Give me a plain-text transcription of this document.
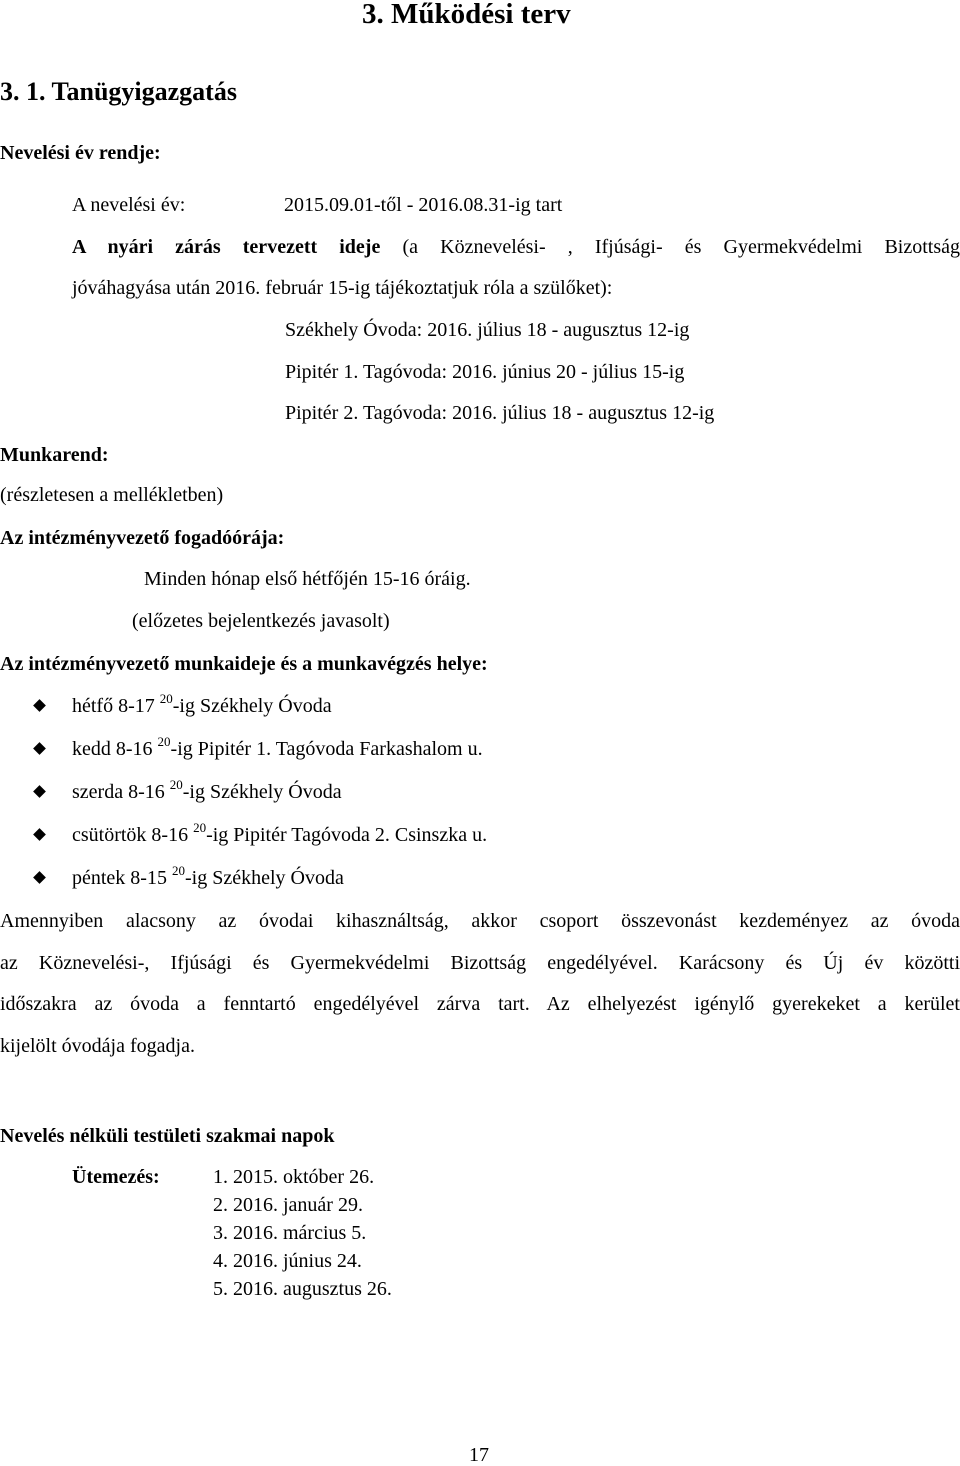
3. Működési terv
3. 1. Tanügyigazgatás
Nevelési év rendje:
A nevelési év:	2015.09.01-től - 2016.08.31-ig tart
A nyári zárás tervezett ideje (a Köznevelési- , Ifjúsági- és Gyermekvédelmi Bizottság
jóváhagyása után 2016. február 15-ig tájékoztatjuk róla a szülőket):
Székhely Óvoda: 2016. július 18 - augusztus 12-ig
Pipitér 1. Tagóvoda: 2016. június 20 - július 15-ig
Pipitér 2. Tagóvoda: 2016. július 18 - augusztus 12-ig
Munkarend:
(részletesen a mellékletben)
Az intézményvezető fogadóórája:
Minden hónap első hétfőjén 15-16 óráig.
(előzetes bejelentkezés javasolt)
Az intézményvezető munkaideje és a munkavégzés helye:
hétfő 8-17 $^{20}$-ig Székhely Óvoda
kedd 8-16 $^{20}$-ig Pipitér 1. Tagóvoda Farkashalom u.
szerda 8-16 $^{20}$-ig Székhely Óvoda
csütörtök 8-16 $^{20}$-ig Pipitér Tagóvoda 2. Csinszka u.
péntek 8-15 $^{20}$-ig Székhely Óvoda
Amennyiben alacsony az óvodai kihasználtság, akkor csoport összevonást kezdeményez az óvoda
az Köznevelési-, Ifjúsági és Gyermekvédelmi Bizottság engedélyével. Karácsony és Új év közötti
időszakra az óvoda a fenntartó engedélyével zárva tart. Az elhelyezést igénylő gyerekeket a kerület
kijelölt óvodája fogadja.
Nevelés nélküli testületi szakmai napok
Ütemezés:	1. 2015. október 26.
2. 2016. január 29.
3. 2016. március 5.
4. 2016. június 24.
5. 2016. augusztus 26.
17
